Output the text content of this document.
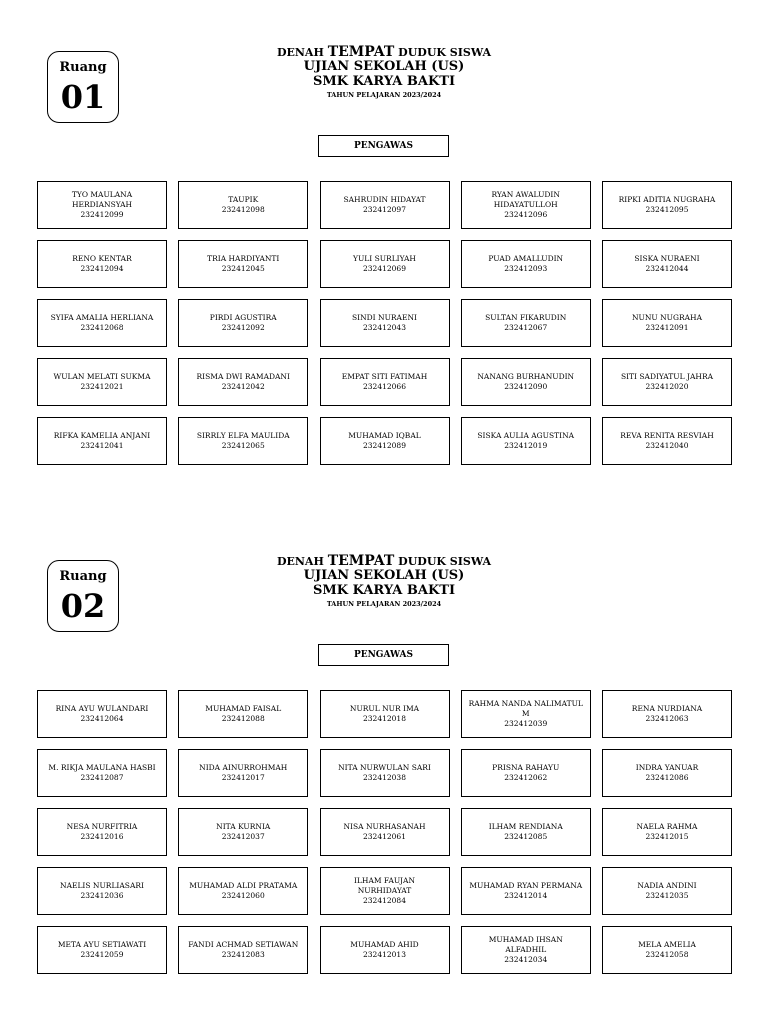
Ruang
01
DENAH TEMPAT DUDUK SISWA
UJIAN SEKOLAH (US)
SMK KARYA BAKTI
TAHUN PELAJARAN 2023/2024
PENGAWAS
TYO MAULANA HERDIANSYAH
232412099
TAUPIK
232412098
SAHRUDIN HIDAYAT
232412097
RYAN AWALUDIN HIDAYATULLOH
232412096
RIPKI ADITIA NUGRAHA
232412095
RENO KENTAR
232412094
TRIA HARDIYANTI
232412045
YULI SURLIYAH
232412069
PUAD AMALLUDIN
232412093
SISKA NURAENI
232412044
SYIFA AMALIA HERLIANA
232412068
PIRDI AGUSTIRA
232412092
SINDI NURAENI
232412043
SULTAN FIKARUDIN
232412067
NUNU NUGRAHA
232412091
WULAN MELATI SUKMA
232412021
RISMA DWI RAMADANI
232412042
EMPAT SITI FATIMAH
232412066
NANANG BURHANUDIN
232412090
SITI SADIYATUL JAHRA
232412020
RIFKA KAMELIA ANJANI
232412041
SIRRLY ELFA MAULIDA
232412065
MUHAMAD IQBAL
232412089
SISKA AULIA AGUSTINA
232412019
REVA RENITA RESVIAH
232412040
Ruang
02
DENAH TEMPAT DUDUK SISWA
UJIAN SEKOLAH (US)
SMK KARYA BAKTI
TAHUN PELAJARAN 2023/2024
PENGAWAS
RINA AYU WULANDARI
232412064
MUHAMAD FAISAL
232412088
NURUL NUR IMA
232412018
RAHMA NANDA NALIMATUL M
232412039
RENA NURDIANA
232412063
M. RIKJA MAULANA HASBI
232412087
NIDA AINURROHMAH
232412017
NITA NURWULAN SARI
232412038
PRISNA RAHAYU
232412062
INDRA YANUAR
232412086
NESA NURFITRIA
232412016
NITA KURNIA
232412037
NISA NURHASANAH
232412061
ILHAM RENDIANA
232412085
NAELA RAHMA
232412015
NAELIS NURLIASARI
232412036
MUHAMAD ALDI PRATAMA
232412060
ILHAM FAUJAN NURHIDAYAT
232412084
MUHAMAD RYAN PERMANA
232412014
NADIA ANDINI
232412035
META AYU SETIAWATI
232412059
FANDI ACHMAD SETIAWAN
232412083
MUHAMAD AHID
232412013
MUHAMAD IHSAN ALFADHIL
232412034
MELA AMELIA
232412058
